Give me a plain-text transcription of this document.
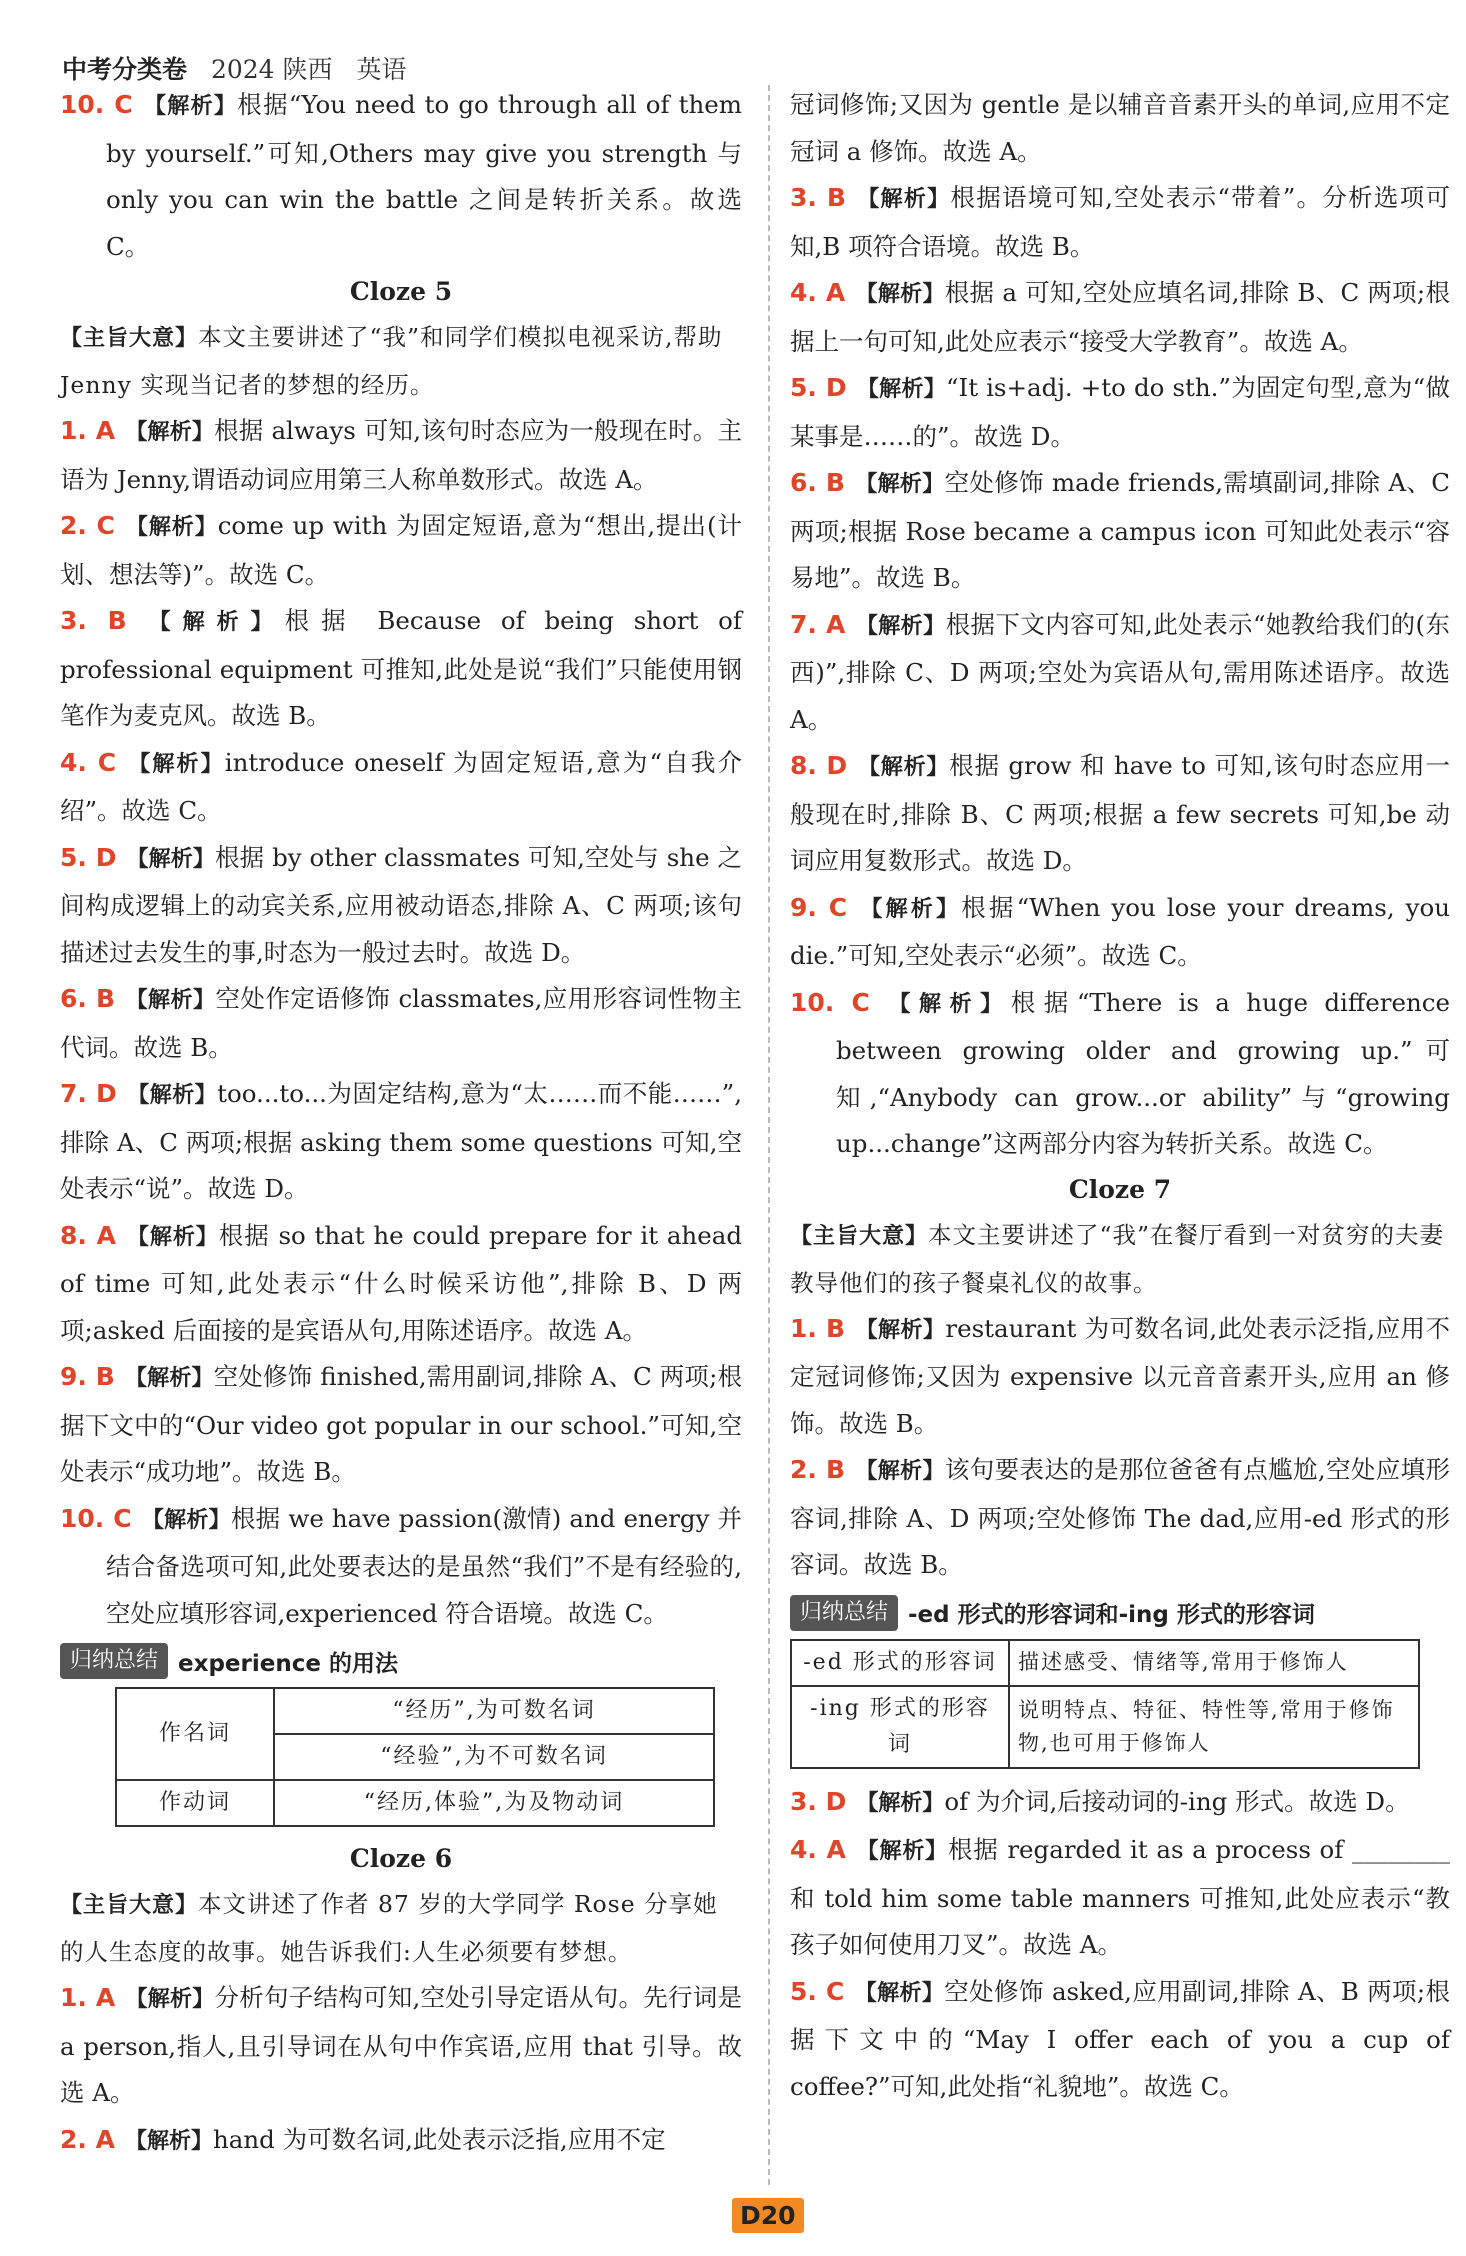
中考分类卷 2024 陕西 英语

10. C 【解析】根据“You need to go through all of them by yourself.”可知,Others may give you strength 与 only you can win the battle 之间是转折关系。故选 C。

Cloze 5

【主旨大意】本文主要讲述了“我”和同学们模拟电视采访,帮助 Jenny 实现当记者的梦想的经历。

1. A 【解析】根据 always 可知,该句时态应为一般现在时。主语为 Jenny,谓语动词应用第三人称单数形式。故选 A。

2. C 【解析】come up with 为固定短语,意为“想出,提出(计划、想法等)”。故选 C。

3. B 【解析】根据 Because of being short of professional equipment 可推知,此处是说“我们”只能使用钢笔作为麦克风。故选 B。

4. C 【解析】introduce oneself 为固定短语,意为“自我介绍”。故选 C。

5. D 【解析】根据 by other classmates 可知,空处与 she 之间构成逻辑上的动宾关系,应用被动语态,排除 A、C 两项;该句描述过去发生的事,时态为一般过去时。故选 D。

6. B 【解析】空处作定语修饰 classmates,应用形容词性物主代词。故选 B。

7. D 【解析】too...to...为固定结构,意为“太……而不能……”,排除 A、C 两项;根据 asking them some questions 可知,空处表示“说”。故选 D。

8. A 【解析】根据 so that he could prepare for it ahead of time 可知,此处表示“什么时候采访他”,排除 B、D 两项;asked 后面接的是宾语从句,用陈述语序。故选 A。

9. B 【解析】空处修饰 finished,需用副词,排除 A、C 两项;根据下文中的“Our video got popular in our school.”可知,空处表示“成功地”。故选 B。

10. C 【解析】根据 we have passion(激情) and energy 并结合备选项可知,此处要表达的是虽然“我们”不是有经验的,空处应填形容词,experienced 符合语境。故选 C。

归纳总结 experience 的用法
作名词	“经历”,为可数名词
	“经验”,为不可数名词
作动词	“经历,体验”,为及物动词

Cloze 6

【主旨大意】本文讲述了作者 87 岁的大学同学 Rose 分享她的人生态度的故事。她告诉我们:人生必须要有梦想。

1. A 【解析】分析句子结构可知,空处引导定语从句。先行词是 a person,指人,且引导词在从句中作宾语,应用 that 引导。故选 A。

2. A 【解析】hand 为可数名词,此处表示泛指,应用不定

冠词修饰;又因为 gentle 是以辅音音素开头的单词,应用不定冠词 a 修饰。故选 A。

3. B 【解析】根据语境可知,空处表示“带着”。分析选项可知,B 项符合语境。故选 B。

4. A 【解析】根据 a 可知,空处应填名词,排除 B、C 两项;根据上一句可知,此处应表示“接受大学教育”。故选 A。

5. D 【解析】“It is+adj. +to do sth.”为固定句型,意为“做某事是……的”。故选 D。

6. B 【解析】空处修饰 made friends,需填副词,排除 A、C 两项;根据 Rose became a campus icon 可知此处表示“容易地”。故选 B。

7. A 【解析】根据下文内容可知,此处表示“她教给我们的(东西)”,排除 C、D 两项;空处为宾语从句,需用陈述语序。故选 A。

8. D 【解析】根据 grow 和 have to 可知,该句时态应用一般现在时,排除 B、C 两项;根据 a few secrets 可知,be 动词应用复数形式。故选 D。

9. C 【解析】根据“When you lose your dreams, you die.”可知,空处表示“必须”。故选 C。

10. C 【解析】根据“There is a huge difference between growing older and growing up.”可知,“Anybody can grow...or ability”与“growing up...change”这两部分内容为转折关系。故选 C。

Cloze 7

【主旨大意】本文主要讲述了“我”在餐厅看到一对贫穷的夫妻教导他们的孩子餐桌礼仪的故事。

1. B 【解析】restaurant 为可数名词,此处表示泛指,应用不定冠词修饰;又因为 expensive 以元音音素开头,应用 an 修饰。故选 B。

2. B 【解析】该句要表达的是那位爸爸有点尴尬,空处应填形容词,排除 A、D 两项;空处修饰 The dad,应用-ed 形式的形容词。故选 B。

归纳总结 -ed 形式的形容词和-ing 形式的形容词
-ed 形式的形容词	描述感受、情绪等,常用于修饰人
-ing 形式的形容词	说明特点、特征、特性等,常用于修饰物,也可用于修饰人

3. D 【解析】of 为介词,后接动词的-ing 形式。故选 D。

4. A 【解析】根据 regarded it as a process of ________ 和 told him some table manners 可推知,此处应表示“教孩子如何使用刀叉”。故选 A。

5. C 【解析】空处修饰 asked,应用副词,排除 A、B 两项;根据下文中的“May I offer each of you a cup of coffee?”可知,此处指“礼貌地”。故选 C。

D20
